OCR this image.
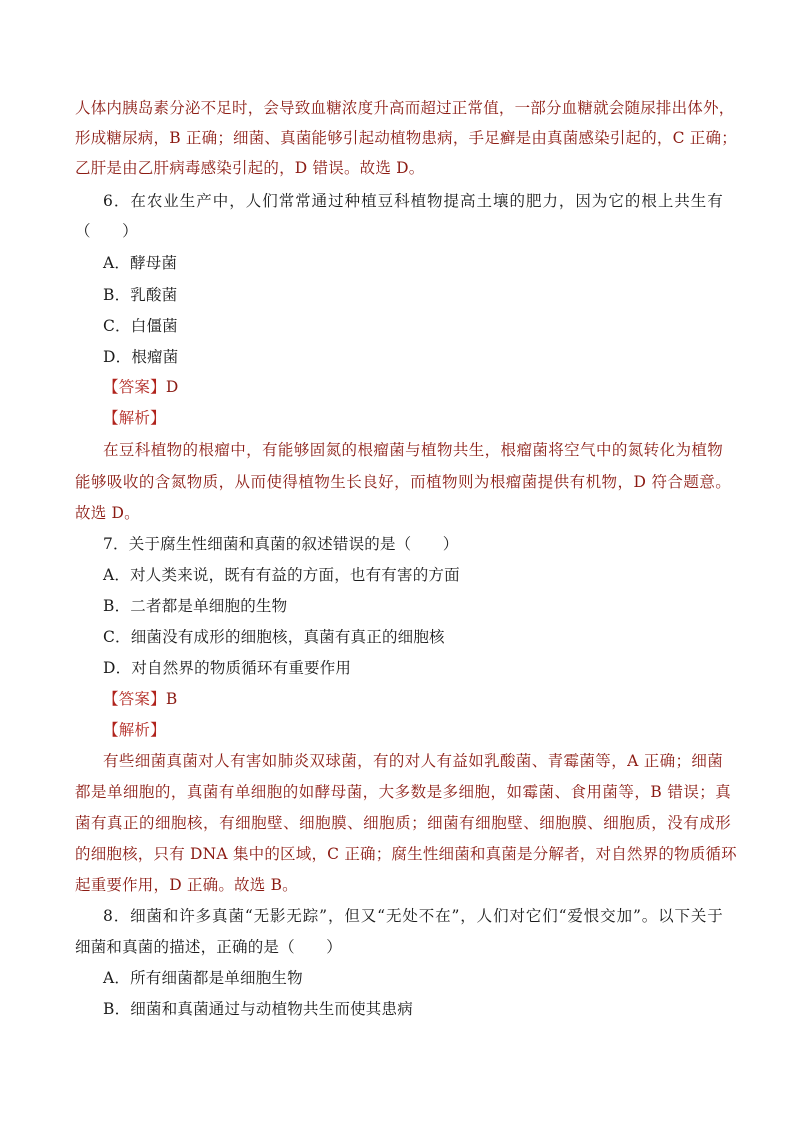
人体内胰岛素分泌不足时，会导致血糖浓度升高而超过正常值，一部分血糖就会随尿排出体外，
形成糖尿病，B 正确；细菌、真菌能够引起动植物患病，手足癣是由真菌感染引起的，C 正确；
乙肝是由乙肝病毒感染引起的，D 错误。故选 D。
6．在农业生产中，人们常常通过种植豆科植物提高土壤的肥力，因为它的根上共生有
（　　）
A．酵母菌
B．乳酸菌
C．白僵菌
D．根瘤菌
【答案】D
【解析】
在豆科植物的根瘤中，有能够固氮的根瘤菌与植物共生，根瘤菌将空气中的氮转化为植物
能够吸收的含氮物质，从而使得植物生长良好，而植物则为根瘤菌提供有机物，D 符合题意。
故选 D。
7．关于腐生性细菌和真菌的叙述错误的是（　　）
A．对人类来说，既有有益的方面，也有有害的方面
B．二者都是单细胞的生物
C．细菌没有成形的细胞核，真菌有真正的细胞核
D．对自然界的物质循环有重要作用
【答案】B
【解析】
有些细菌真菌对人有害如肺炎双球菌，有的对人有益如乳酸菌、青霉菌等，A 正确；细菌
都是单细胞的，真菌有单细胞的如酵母菌，大多数是多细胞，如霉菌、食用菌等，B 错误；真
菌有真正的细胞核，有细胞壁、细胞膜、细胞质；细菌有细胞壁、细胞膜、细胞质，没有成形
的细胞核，只有 DNA 集中的区域，C 正确；腐生性细菌和真菌是分解者，对自然界的物质循环
起重要作用，D 正确。故选 B。
8．细菌和许多真菌“无影无踪”，但又“无处不在”，人们对它们“爱恨交加”。以下关于
细菌和真菌的描述，正确的是（　　）
A．所有细菌都是单细胞生物
B．细菌和真菌通过与动植物共生而使其患病
